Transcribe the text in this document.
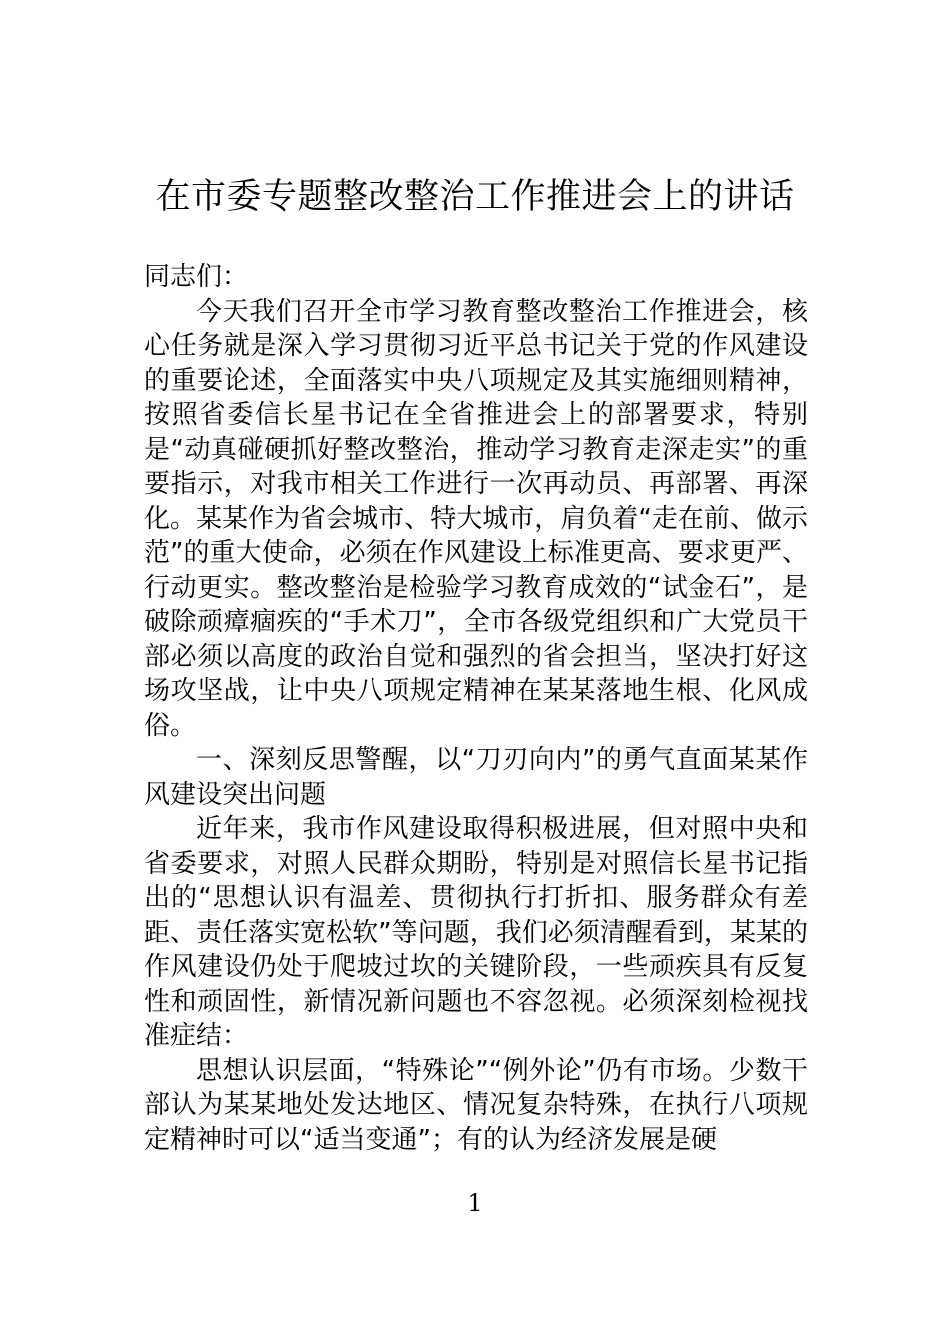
在市委专题整改整治工作推进会上的讲话

同志们：

今天我们召开全市学习教育整改整治工作推进会，核心任务就是深入学习贯彻习近平总书记关于党的作风建设的重要论述，全面落实中央八项规定及其实施细则精神，按照省委信长星书记在全省推进会上的部署要求，特别是“动真碰硬抓好整改整治，推动学习教育走深走实”的重要指示，对我市相关工作进行一次再动员、再部署、再深化。某某作为省会城市、特大城市，肩负着“走在前、做示范”的重大使命，必须在作风建设上标准更高、要求更严、行动更实。整改整治是检验学习教育成效的“试金石”，是破除顽瘴痼疾的“手术刀”，全市各级党组织和广大党员干部必须以高度的政治自觉和强烈的省会担当，坚决打好这场攻坚战，让中央八项规定精神在某某落地生根、化风成俗。

一、深刻反思警醒，以“刀刃向内”的勇气直面某某作风建设突出问题

近年来，我市作风建设取得积极进展，但对照中央和省委要求，对照人民群众期盼，特别是对照信长星书记指出的“思想认识有温差、贯彻执行打折扣、服务群众有差距、责任落实宽松软”等问题，我们必须清醒看到，某某的作风建设仍处于爬坡过坎的关键阶段，一些顽疾具有反复性和顽固性，新情况新问题也不容忽视。必须深刻检视找准症结：

思想认识层面，“特殊论”“例外论”仍有市场。少数干部认为某某地处发达地区、情况复杂特殊，在执行八项规定精神时可以“适当变通”；有的认为经济发展是硬

1
